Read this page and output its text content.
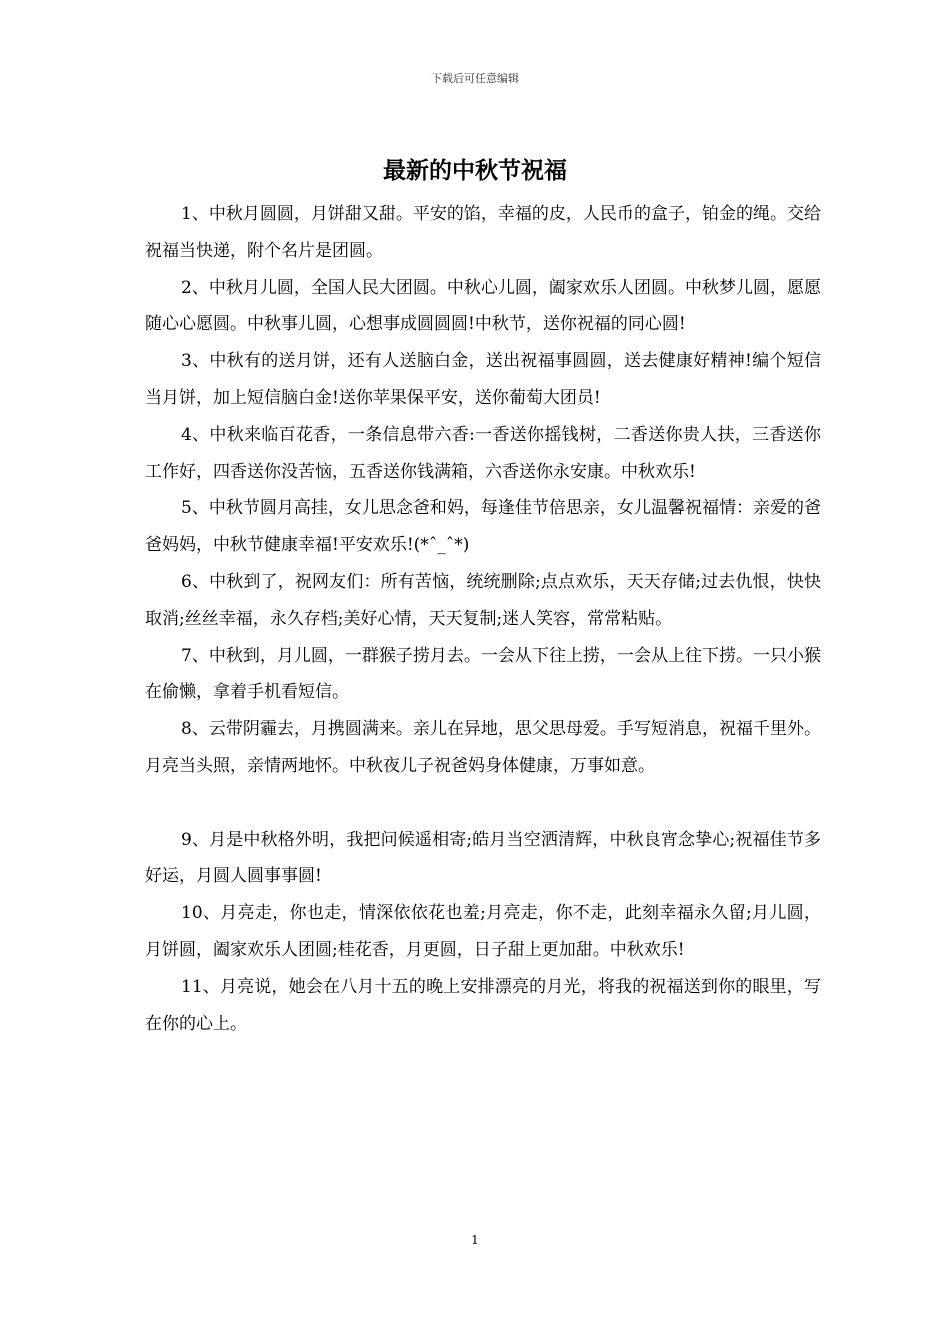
下载后可任意编辑
最新的中秋节祝福

1、中秋月圆圆，月饼甜又甜。平安的馅，幸福的皮，人民币的盒子，铂金的绳。交给祝福当快递，附个名片是团圆。

2、中秋月儿圆，全国人民大团圆。中秋心儿圆，阖家欢乐人团圆。中秋梦儿圆，愿愿随心心愿圆。中秋事儿圆，心想事成圆圆圆!中秋节，送你祝福的同心圆!

3、中秋有的送月饼，还有人送脑白金，送出祝福事圆圆，送去健康好精神!编个短信当月饼，加上短信脑白金!送你苹果保平安，送你葡萄大团员!

4、中秋来临百花香，一条信息带六香:一香送你摇钱树，二香送你贵人扶，三香送你工作好，四香送你没苦恼，五香送你钱满箱，六香送你永安康。中秋欢乐!

5、中秋节圆月高挂，女儿思念爸和妈，每逢佳节倍思亲，女儿温馨祝福情：亲爱的爸爸妈妈，中秋节健康幸福!平安欢乐!(*ˆ_ˆ*)

6、中秋到了，祝网友们：所有苦恼，统统删除;点点欢乐，天天存储;过去仇恨，快快取消;丝丝幸福，永久存档;美好心情，天天复制;迷人笑容，常常粘贴。

7、中秋到，月儿圆，一群猴子捞月去。一会从下往上捞，一会从上往下捞。一只小猴在偷懒，拿着手机看短信。

8、云带阴霾去，月携圆满来。亲儿在异地，思父思母爱。手写短消息，祝福千里外。月亮当头照，亲情两地怀。中秋夜儿子祝爸妈身体健康，万事如意。

9、月是中秋格外明，我把问候遥相寄;皓月当空洒清辉，中秋良宵念挚心;祝福佳节多好运，月圆人圆事事圆!

10、月亮走，你也走，情深依依花也羞;月亮走，你不走，此刻幸福永久留;月儿圆，月饼圆，阖家欢乐人团圆;桂花香，月更圆，日子甜上更加甜。中秋欢乐!

11、月亮说，她会在八月十五的晚上安排漂亮的月光，将我的祝福送到你的眼里，写在你的心上。

1
